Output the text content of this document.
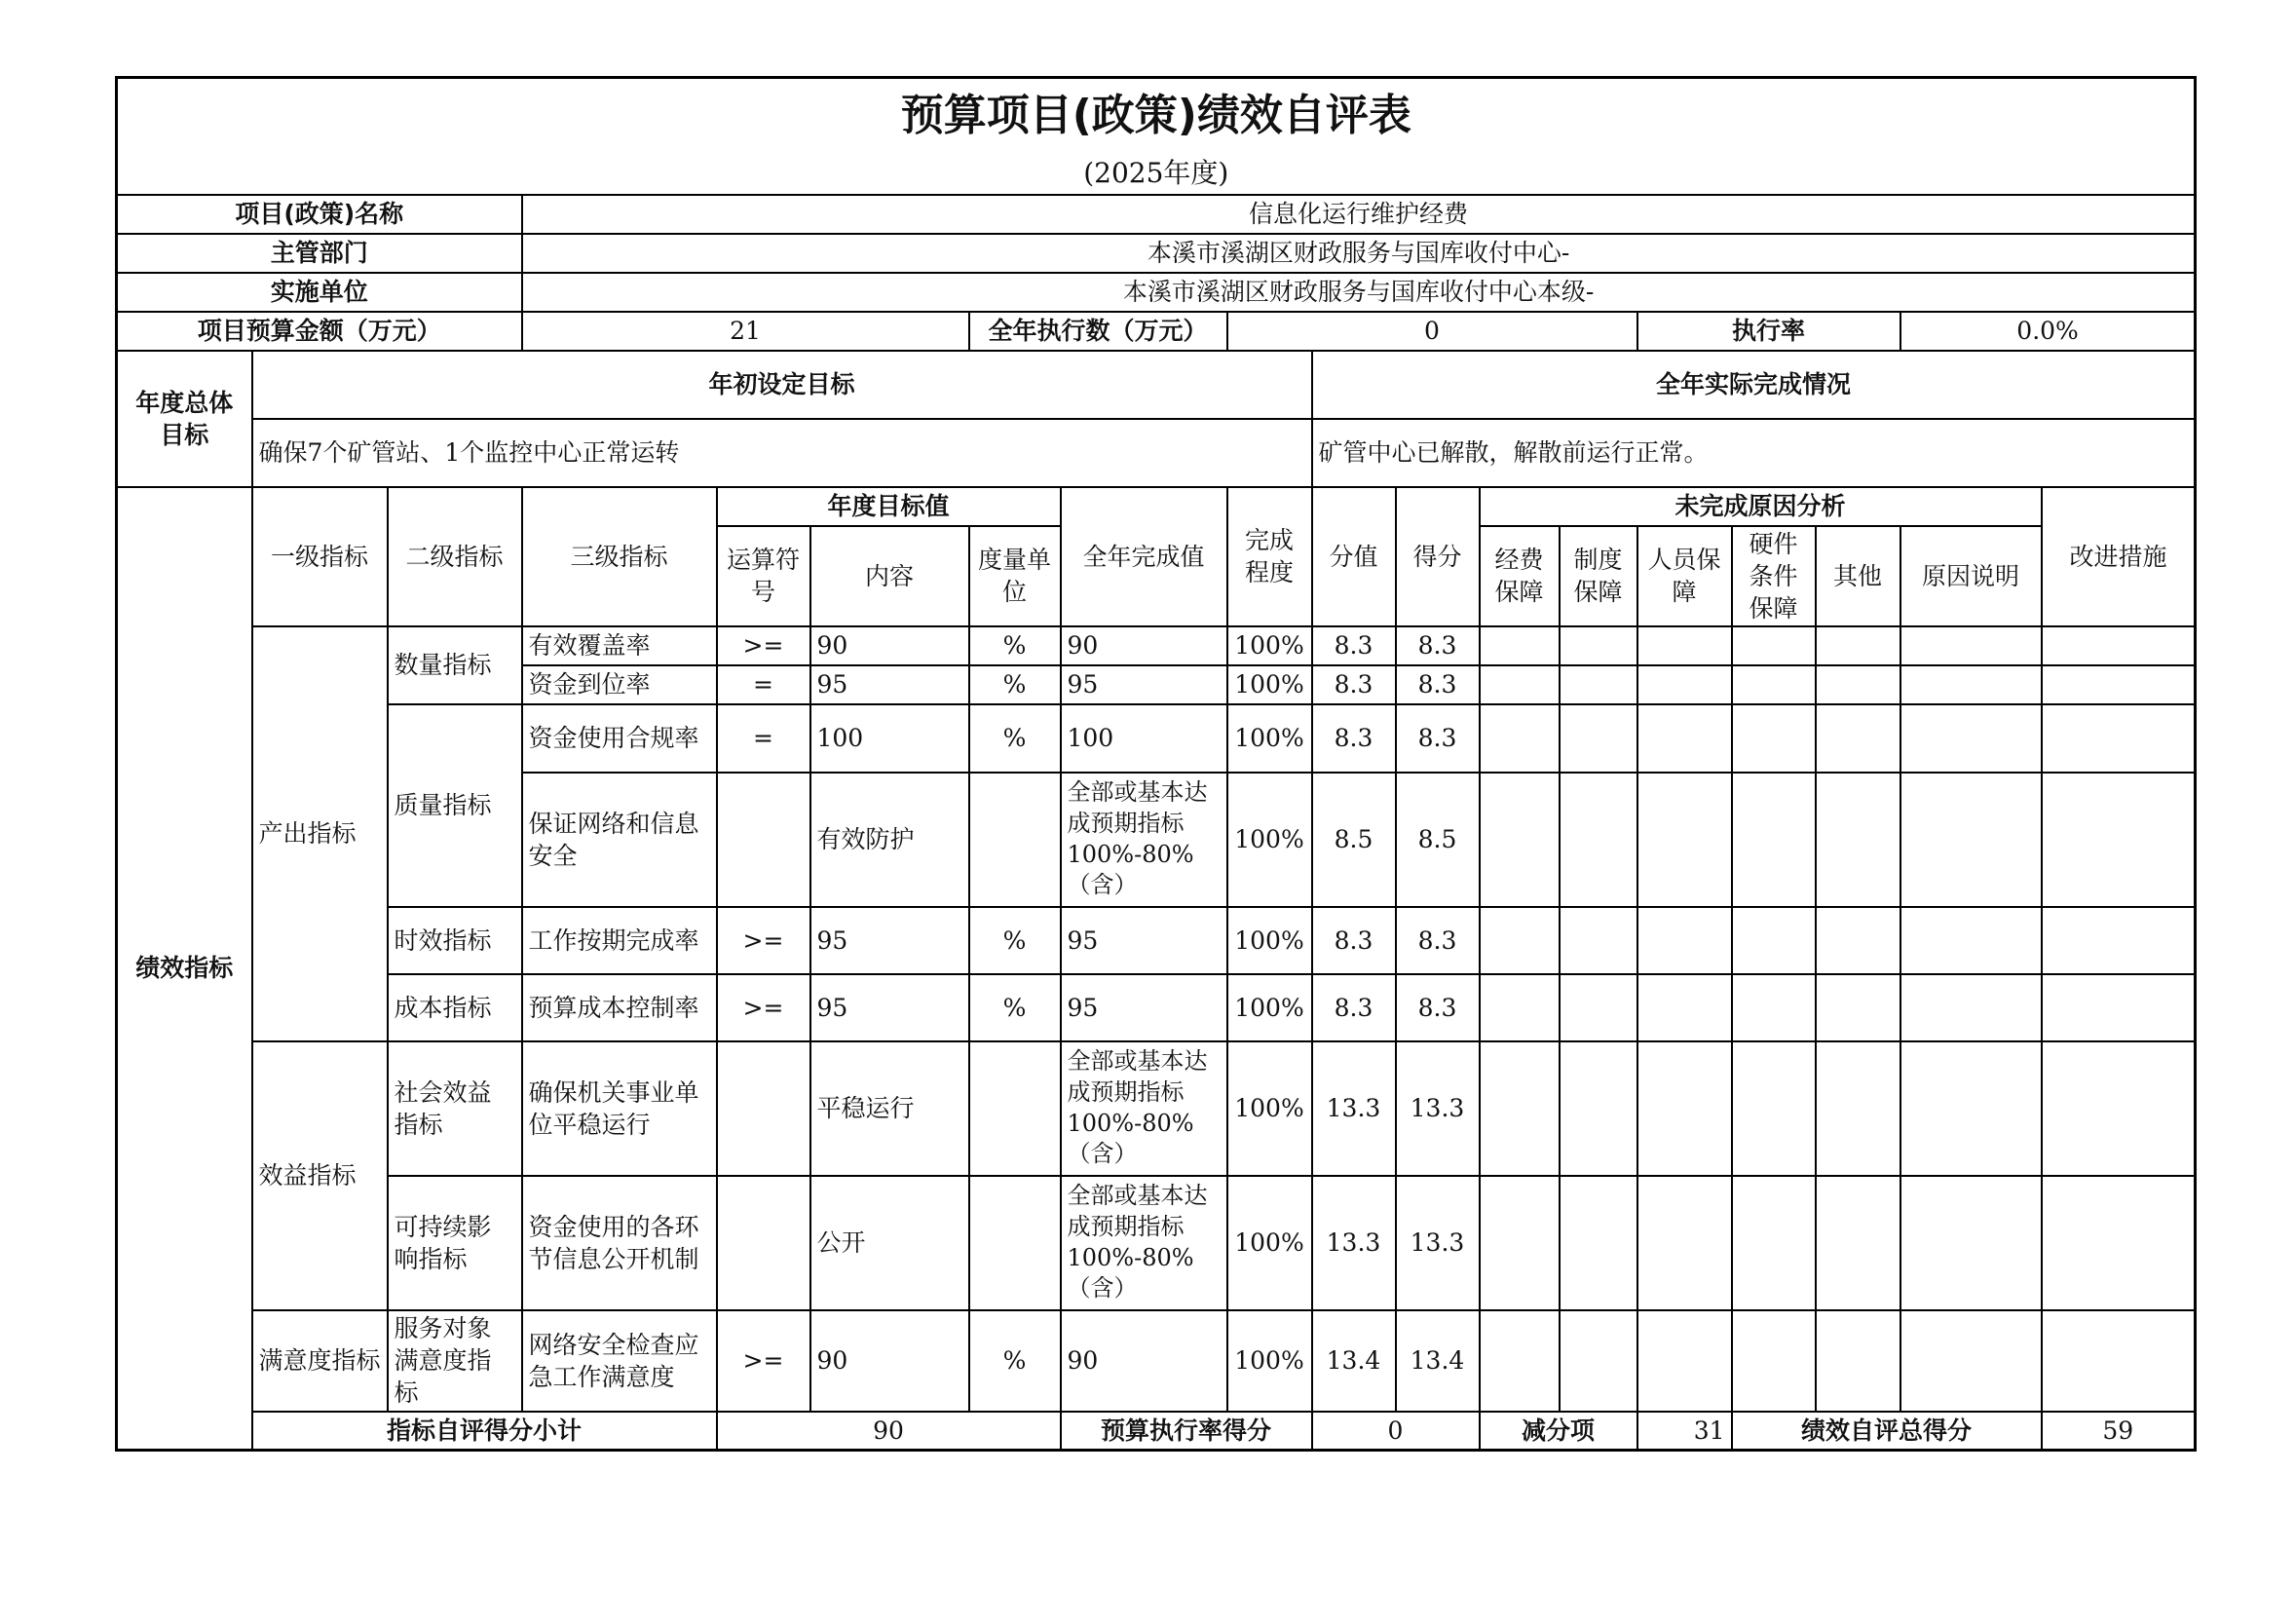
预算项目(政策)绩效自评表																	
(2025年度)																	
项目(政策)名称			信息化运行维护经费														
主管部门			本溪市溪湖区财政服务与国库收付中心-														
实施单位			本溪市溪湖区财政服务与国库收付中心本级-														
项目预算金额（万元）			21			全年执行数（万元）		0					执行率			0.0%	
年度总体目标	年初设定目标								全年实际完成情况								
	确保7个矿管站、1个监控中心正常运转								矿管中心已解散，解散前运行正常。								
绩效指标	一级指标	二级指标	三级指标	年度目标值			全年完成值	完成程度	分值	得分	未完成原因分析						改进措施
				运算符号	内容	度量单位					经费保障	制度保障	人员保障	硬件条件保障	其他	原因说明	
	产出指标	数量指标	有效覆盖率	>=	90	%	90	100%	8.3	8.3							
			资金到位率	=	95	%	95	100%	8.3	8.3							
		质量指标	资金使用合规率	=	100	%	100	100%	8.3	8.3							
			保证网络和信息安全		有效防护		全部或基本达成预期指标100%-80%（含）	100%	8.5	8.5							
		时效指标	工作按期完成率	>=	95	%	95	100%	8.3	8.3							
		成本指标	预算成本控制率	>=	95	%	95	100%	8.3	8.3							
	效益指标	社会效益指标	确保机关事业单位平稳运行		平稳运行		全部或基本达成预期指标100%-80%（含）	100%	13.3	13.3							
		可持续影响指标	资金使用的各环节信息公开机制		公开		全部或基本达成预期指标100%-80%（含）	100%	13.3	13.3							
	满意度指标	服务对象满意度指标	网络安全检查应急工作满意度	>=	90	%	90	100%	13.4	13.4							
	指标自评得分小计			90			预算执行率得分		0		减分项		31	绩效自评总得分			59
